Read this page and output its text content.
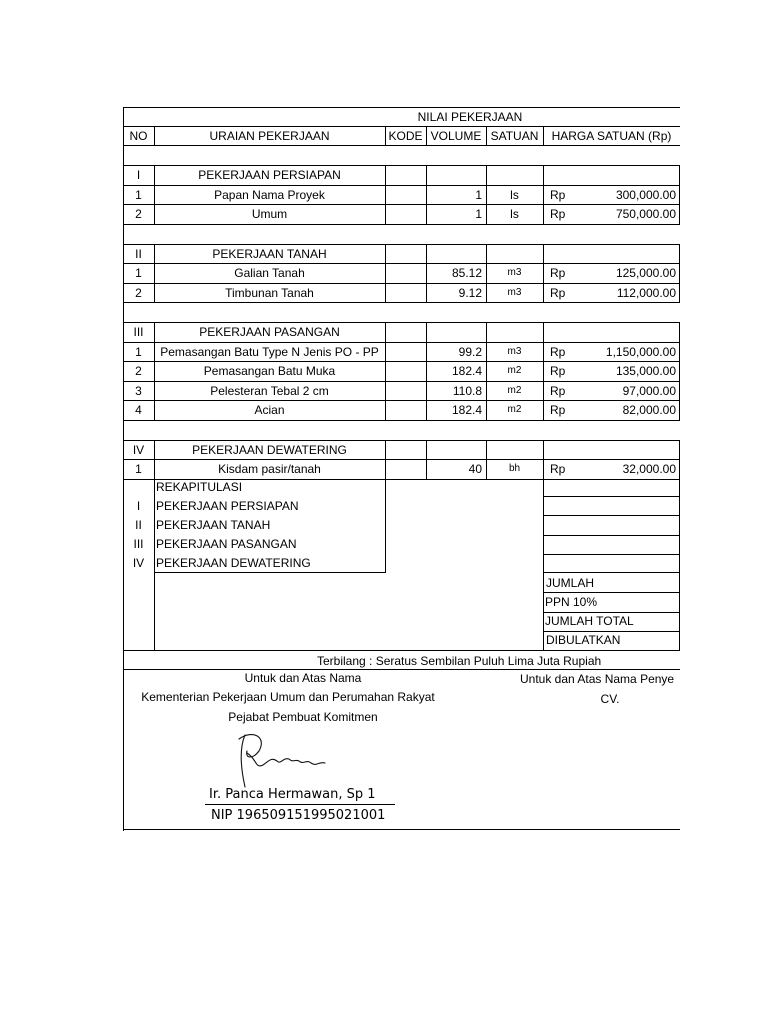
NILAI PEKERJAAN
NO	URAIAN PEKERJAAN	KODE VOLUME SATUAN	HARGA SATUAN (Rp)
I	PEKERJAAN PERSIAPAN
1	Papan Nama Proyek	1	ls	Rp	300,000.00
2	Umum	1	ls	Rp	750,000.00
II	PEKERJAAN TANAH
1	Galian Tanah	85.12	m3	Rp	125,000.00
2	Timbunan Tanah	9.12	m3	Rp	112,000.00
III	PEKERJAAN PASANGAN
1	Pemasangan Batu Type N Jenis PO - PP	99.2	m3	Rp	1,150,000.00
2	Pemasangan Batu Muka	182.4	m2	Rp	135,000.00
3	Pelesteran Tebal 2 cm	110.8	m2	Rp	97,000.00
4	Acian	182.4	m2	Rp	82,000.00
IV	PEKERJAAN DEWATERING
1	Kisdam pasir/tanah	40	bh	Rp	32,000.00
REKAPITULASI
I	PEKERJAAN PERSIAPAN
II	PEKERJAAN TANAH
III	PEKERJAAN PASANGAN
IV PEKERJAAN DEWATERING
JUMLAH
PPN 10%
JUMLAH TOTAL
DIBULATKAN
Terbilang : Seratus Sembilan Puluh Lima Juta Rupiah
Untuk dan Atas Nama
Kementerian Pekerjaan Umum dan Perumahan Rakyat
Pejabat Pembuat Komitmen
Untuk dan Atas Nama Penye
CV.
Ir. Panca Hermawan, Sp 1
NIP 196509151995021001
